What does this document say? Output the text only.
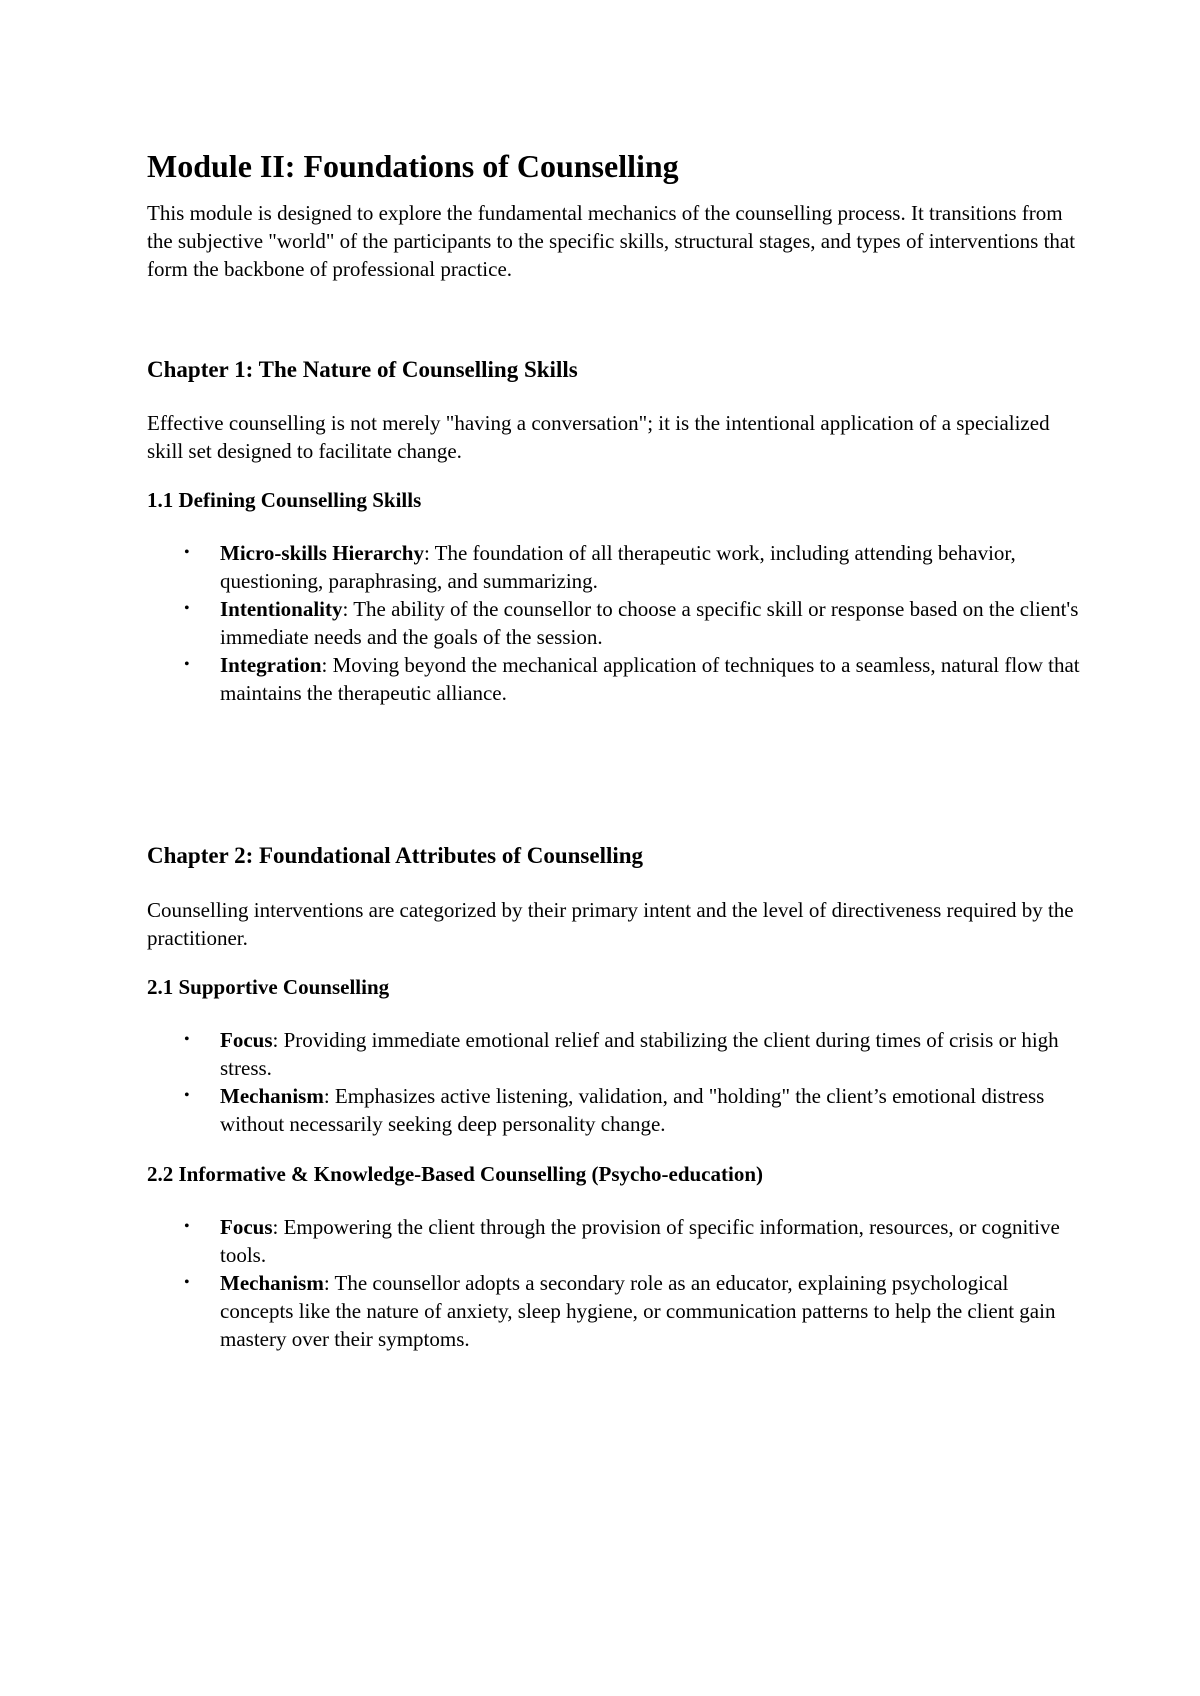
Module II: Foundations of Counselling

This module is designed to explore the fundamental mechanics of the counselling process. It transitions from the subjective "world" of the participants to the specific skills, structural stages, and types of interventions that form the backbone of professional practice.

Chapter 1: The Nature of Counselling Skills

Effective counselling is not merely "having a conversation"; it is the intentional application of a specialized skill set designed to facilitate change.

1.1 Defining Counselling Skills
• Micro-skills Hierarchy: The foundation of all therapeutic work, including attending behavior, questioning, paraphrasing, and summarizing.
• Intentionality: The ability of the counsellor to choose a specific skill or response based on the client's immediate needs and the goals of the session.
• Integration: Moving beyond the mechanical application of techniques to a seamless, natural flow that maintains the therapeutic alliance.
Chapter 2: Foundational Attributes of Counselling

Counselling interventions are categorized by their primary intent and the level of directiveness required by the practitioner.

2.1 Supportive Counselling
• Focus: Providing immediate emotional relief and stabilizing the client during times of crisis or high stress.
• Mechanism: Emphasizes active listening, validation, and "holding" the client’s emotional distress without necessarily seeking deep personality change.
2.2 Informative & Knowledge-Based Counselling (Psycho-education)
• Focus: Empowering the client through the provision of specific information, resources, or cognitive tools.
• Mechanism: The counsellor adopts a secondary role as an educator, explaining psychological concepts like the nature of anxiety, sleep hygiene, or communication patterns to help the client gain mastery over their symptoms.
